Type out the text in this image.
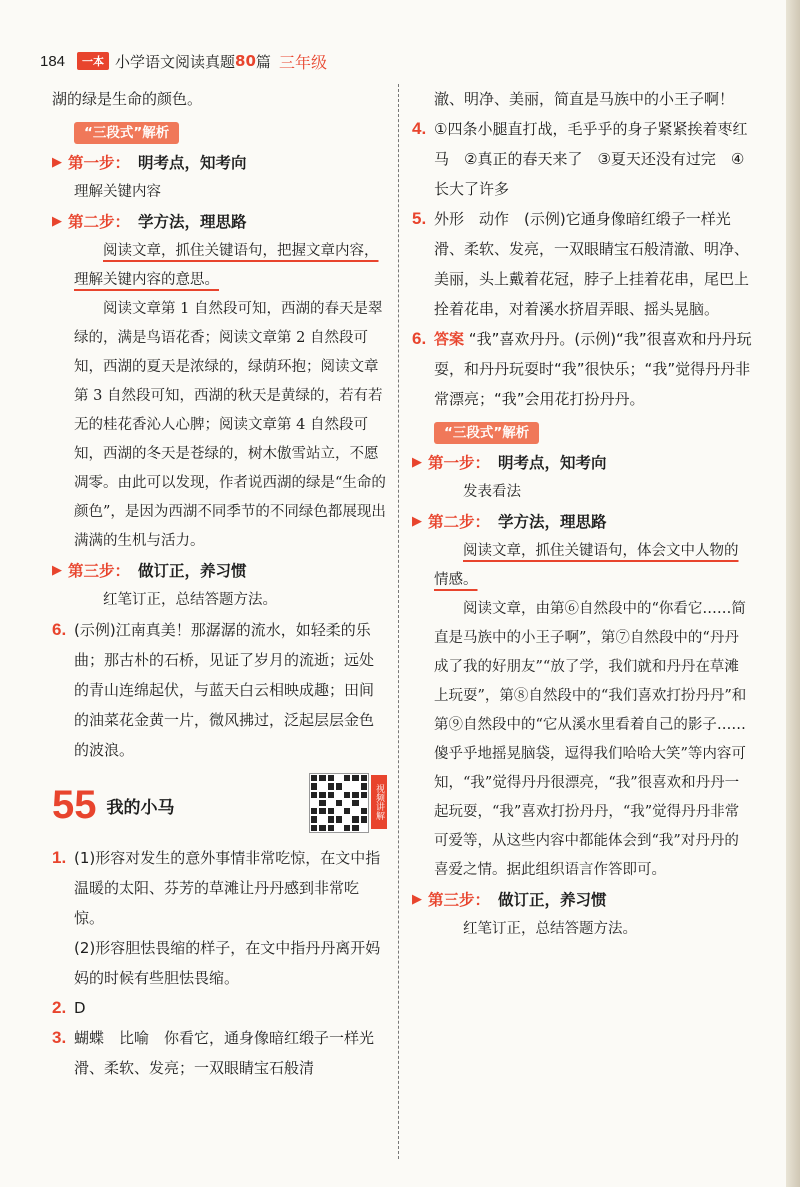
184	一本 小学语文阅读真题 80 篇 三年级

湖的绿是生命的颜色。

“三段式”解析
▶ 第一步： 明考点，知考向

理解关键内容

▶ 第二步： 学方法，理思路

阅读文章，抓住关键语句，把握文章内容，理解关键内容的意思。

阅读文章第 1 自然段可知，西湖的春天是翠绿的，满是鸟语花香；阅读文章第 2 自然段可知，西湖的夏天是浓绿的，绿荫环抱；阅读文章第 3 自然段可知，西湖的秋天是黄绿的，若有若无的桂花香沁人心脾；阅读文章第 4 自然段可知，西湖的冬天是苍绿的，树木傲雪站立，不愿凋零。由此可以发现，作者说西湖的绿是“生命的颜色”，是因为西湖不同季节的不同绿色都展现出满满的生机与活力。

▶ 第三步： 做订正，养习惯

红笔订正，总结答题方法。

6. (示例)江南真美！那潺潺的流水，如轻柔的乐曲；那古朴的石桥，见证了岁月的流逝；远处的青山连绵起伏，与蓝天白云相映成趣；田间的油菜花金黄一片，微风拂过，泛起层层金色的波浪。
55 我的小马	视频讲解
1. (1)形容对发生的意外事情非常吃惊，在文中指温暖的太阳、芬芳的草滩让丹丹感到非常吃惊。
(2)形容胆怯畏缩的样子，在文中指丹丹离开妈妈的时候有些胆怯畏缩。
2. D
3. 蝴蝶　比喻　你看它，通身像暗红缎子一样光滑、柔软、发亮；一双眼睛宝石般清

澈、明净、美丽，简直是马族中的小王子啊！

4. ①四条小腿直打战，毛乎乎的身子紧紧挨着枣红马　②真正的春天来了　③夏天还没有过完　④长大了许多
5. 外形　动作　(示例)它通身像暗红缎子一样光滑、柔软、发亮，一双眼睛宝石般清澈、明净、美丽，头上戴着花冠，脖子上挂着花串，尾巴上拴着花串，对着溪水挤眉弄眼、摇头晃脑。
6. 答案 “我”喜欢丹丹。(示例)“我”很喜欢和丹丹玩耍，和丹丹玩耍时“我”很快乐；“我”觉得丹丹非常漂亮；“我”会用花打扮丹丹。
“三段式”解析
▶ 第一步： 明考点，知考向

发表看法

▶ 第二步： 学方法，理思路

阅读文章，抓住关键语句，体会文中人物的情感。

阅读文章，由第⑥自然段中的“你看它……简直是马族中的小王子啊”，第⑦自然段中的“丹丹成了我的好朋友”“放了学，我们就和丹丹在草滩上玩耍”，第⑧自然段中的“我们喜欢打扮丹丹”和第⑨自然段中的“它从溪水里看着自己的影子……傻乎乎地摇晃脑袋，逗得我们哈哈大笑”等内容可知，“我”觉得丹丹很漂亮，“我”很喜欢和丹丹一起玩耍，“我”喜欢打扮丹丹，“我”觉得丹丹非常可爱等，从这些内容中都能体会到“我”对丹丹的喜爱之情。据此组织语言作答即可。

▶ 第三步： 做订正，养习惯

红笔订正，总结答题方法。
